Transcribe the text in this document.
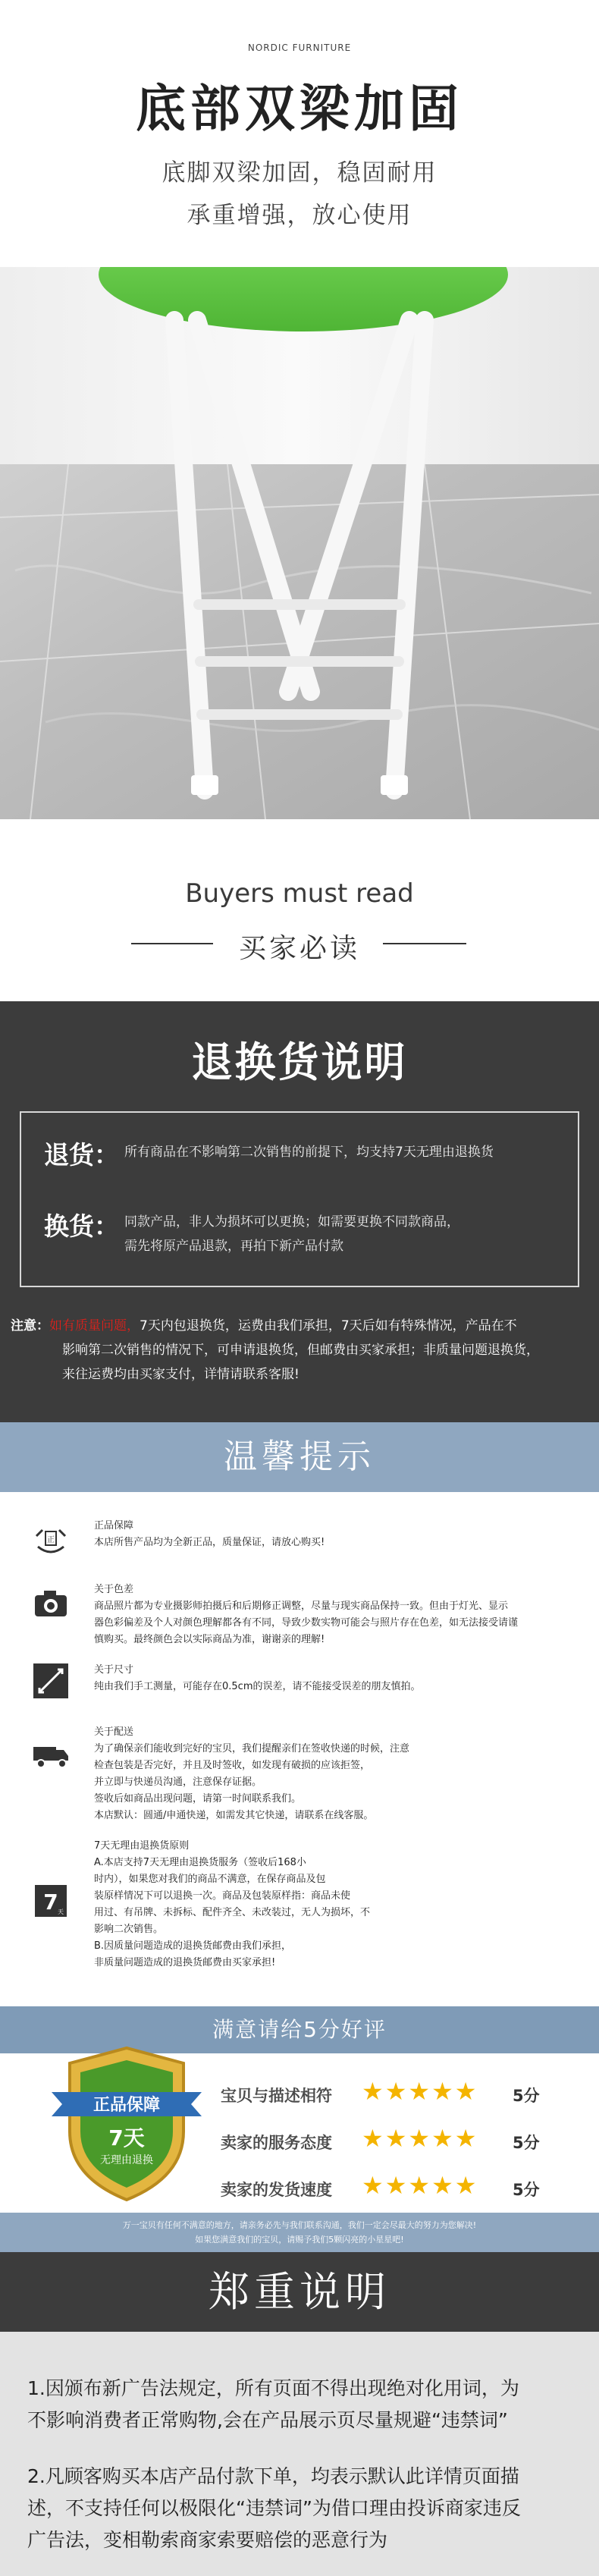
NORDIC FURNITURE
底部双梁加固
底脚双梁加固，稳固耐用
承重增强，放心使用
Buyers must read
买家必读
退换货说明
退货： 所有商品在不影响第二次销售的前提下，均支持7天无理由退换货
换货： 同款产品，非人为损坏可以更换；如需要更换不同款商品，
需先将原产品退款，再拍下新产品付款
注意：如有质量问题，7天内包退换货，运费由我们承担，7天后如有特殊情况，产品在不
影响第二次销售的情况下，可申请退换货，但邮费由买家承担；非质量问题退换货，
来往运费均由买家支付，详情请联系客服!
温馨提示
正
正品保障
本店所售产品均为全新正品，质量保证，请放心购买!
关于色差
商品照片都为专业摄影师拍摄后和后期修正调整，尽量与现实商品保持一致。但由于灯光、显示
器色彩偏差及个人对颜色理解都各有不同，导致少数实物可能会与照片存在色差，如无法接受请谨
慎购买。最终颜色会以实际商品为准，谢谢亲的理解!
关于尺寸
纯由我们手工测量，可能存在0.5cm的误差，请不能接受误差的朋友慎拍。
关于配送
为了确保亲们能收到完好的宝贝，我们提醒亲们在签收快递的时候，注意
检查包装是否完好，并且及时签收，如发现有破损的应该拒签，
并立即与快递员沟通，注意保存证据。
签收后如商品出现问题，请第一时间联系我们。
本店默认：圆通/申通快递，如需发其它快递，请联系在线客服。
7 天
7天无理由退换货原则
A.本店支持7天无理由退换货服务（签收后168小
时内），如果您对我们的商品不满意，在保存商品及包
装原样情况下可以退换一次。商品及包装原样指：商品未使
用过、有吊牌、未拆标、配件齐全、未改装过，无人为损坏，不
影响二次销售。
B.因质量问题造成的退换货邮费由我们承担，
非质量问题造成的退换货邮费由买家承担!
满意请给5分好评
宝贝与描述相符 ★★★★★ 5分
卖家的服务态度 ★★★★★ 5分
卖家的发货速度 ★★★★★ 5分
正品保障
7天
无理由退换
万一宝贝有任何不满意的地方，请亲务必先与我们联系沟通，我们一定会尽最大的努力为您解决!
如果您满意我们的宝贝，请赐予我们5颗闪亮的小星星吧!
郑重说明
1.因颁布新广告法规定，所有页面不得出现绝对化用词，为
不影响消费者正常购物,会在产品展示页尽量规避“违禁词”
2.凡顾客购买本店产品付款下单，均表示默认此详情页面描
述，不支持任何以极限化“违禁词”为借口理由投诉商家违反
广告法，变相勒索商家索要赔偿的恶意行为
